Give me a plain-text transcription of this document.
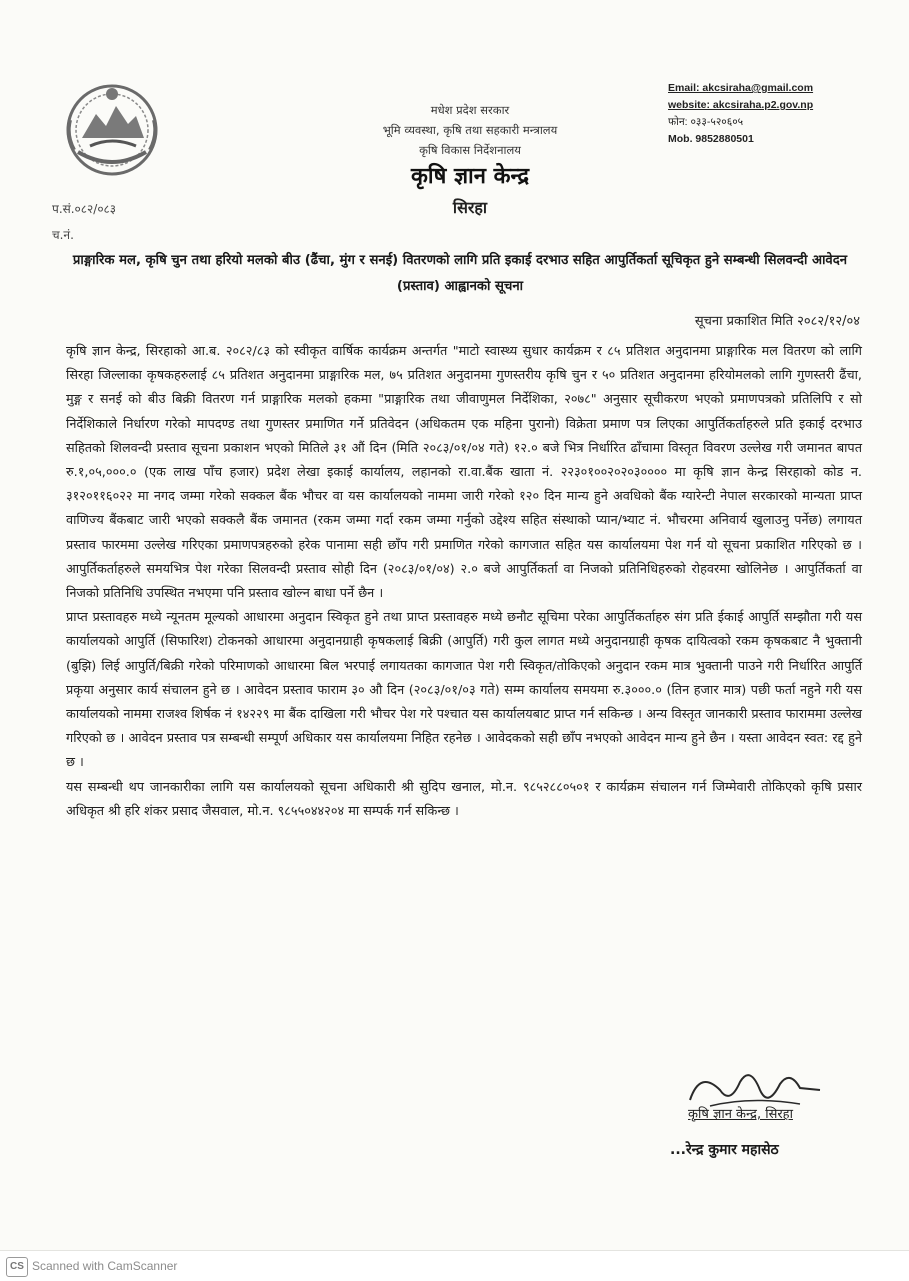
मधेश प्रदेश सरकार
भूमि व्यवस्था, कृषि तथा सहकारी मन्त्रालय
कृषि विकास निर्देशनालय
कृषि ज्ञान केन्द्र
सिरहा
Email: akcsiraha@gmail.com
website: akcsiraha.p2.gov.np
फोन: ०३३-५२०६०५
Mob. 9852880501
प.सं.०८२/०८३
च.नं.
प्राङ्गारिक मल, कृषि चुन तथा हरियो मलको बीउ (ढैंचा, मुंग र सनई) वितरणको लागि प्रति इकाई दरभाउ सहित आपुर्तिकर्ता सूचिकृत हुने सम्बन्धी सिलवन्दी आवेदन (प्रस्ताव) आह्वानको सूचना
सूचना प्रकाशित मिति २०८२/१२/०४

कृषि ज्ञान केन्द्र, सिरहाको आ.ब. २०८२/८३ को स्वीकृत वार्षिक कार्यक्रम अन्तर्गत "माटो स्वास्थ्य सुधार कार्यक्रम र ८५ प्रतिशत अनुदानमा प्राङ्गारिक मल वितरण को लागि सिरहा जिल्लाका कृषकहरुलाई ८५ प्रतिशत अनुदानमा प्राङ्गारिक मल, ७५ प्रतिशत अनुदानमा गुणस्तरीय कृषि चुन र ५० प्रतिशत अनुदानमा हरियोमलको लागि गुणस्तरी ढैंचा, मुङ्ग र सनई को बीउ बिक्री वितरण गर्न प्राङ्गारिक मलको हकमा "प्राङ्गारिक तथा जीवाणुमल निर्देशिका, २०७८" अनुसार सूचीकरण भएको प्रमाणपत्रको प्रतिलिपि र सो निर्देशिकाले निर्धारण गरेको मापदण्ड तथा गुणस्तर प्रमाणित गर्ने प्रतिवेदन (अधिकतम एक महिना पुरानो) विक्रेता प्रमाण पत्र लिएका आपुर्तिकर्ताहरुले प्रति इकाई दरभाउ सहितको शिलवन्दी प्रस्ताव सूचना प्रकाशन भएको मितिले ३१ औं दिन (मिति २०८३/०१/०४ गते) १२.० बजे भित्र निर्धारित ढाँचामा विस्तृत विवरण उल्लेख गरी जमानत बापत रु.१,०५,०००.० (एक लाख पाँच हजार) प्रदेश लेखा इकाई कार्यालय, लहानको रा.वा.बैंक खाता नं. २२३०१००२०२०३०००० मा कृषि ज्ञान केन्द्र सिरहाको कोड न. ३१२०११६०२२ मा नगद जम्मा गरेको सक्कल बैंक भौचर वा यस कार्यालयको नाममा जारी गरेको १२० दिन मान्य हुने अवधिको बैंक ग्यारेन्टी नेपाल सरकारको मान्यता प्राप्त वाणिज्य बैंकबाट जारी भएको सक्कलै बैंक जमानत (रकम जम्मा गर्दा रकम जम्मा गर्नुको उद्देश्य सहित संस्थाको प्यान/भ्याट नं. भौचरमा अनिवार्य खुलाउनु पर्नेछ) लगायत प्रस्ताव फारममा उल्लेख गरिएका प्रमाणपत्रहरुको हरेक पानामा सही छाँप गरी प्रमाणित गरेको कागजात सहित यस कार्यालयमा पेश गर्न यो सूचना प्रकाशित गरिएको छ । आपुर्तिकर्ताहरुले समयभित्र पेश गरेका सिलवन्दी प्रस्ताव सोही दिन (२०८३/०१/०४) २.० बजे आपुर्तिकर्ता वा निजको प्रतिनिधिहरुको रोहवरमा खोलिनेछ । आपुर्तिकर्ता वा निजको प्रतिनिधि उपस्थित नभएमा पनि प्रस्ताव खोल्न बाधा पर्ने छैन ।

प्राप्त प्रस्तावहरु मध्ये न्यूनतम मूल्यको आधारमा अनुदान स्विकृत हुने तथा प्राप्त प्रस्तावहरु मध्ये छनौट सूचिमा परेका आपुर्तिकर्ताहरु संग प्रति ईकाई आपुर्ति सम्झौता गरी यस कार्यालयको आपुर्ति (सिफारिश) टोकनको आधारमा अनुदानग्राही कृषकलाई बिक्री (आपुर्ति) गरी कुल लागत मध्ये अनुदानग्राही कृषक दायित्वको रकम कृषकबाट नै भुक्तानी (बुझि) लिई आपुर्ति/बिक्री गरेको परिमाणको आधारमा बिल भरपाई लगायतका कागजात पेश गरी स्विकृत/तोकिएको अनुदान रकम मात्र भुक्तानी पाउने गरी निर्धारित आपुर्ति प्रकृया अनुसार कार्य संचालन हुने छ । आवेदन प्रस्ताव फाराम ३० औ दिन (२०८३/०१/०३ गते) सम्म कार्यालय समयमा रु.३०००.० (तिन हजार मात्र) पछी फर्ता नहुने गरी यस कार्यालयको नाममा राजश्व शिर्षक नं १४२२९ मा बैंक दाखिला गरी भौचर पेश गरे पश्चात यस कार्यालयबाट प्राप्त गर्न सकिन्छ । अन्य विस्तृत जानकारी प्रस्ताव फाराममा उल्लेख गरिएको छ । आवेदन प्रस्ताव पत्र सम्बन्धी सम्पूर्ण अधिकार यस कार्यालयमा निहित रहनेछ । आवेदकको सही छाँप नभएको आवेदन मान्य हुने छैन । यस्ता आवेदन स्वत: रद्द हुने छ ।

यस सम्बन्धी थप जानकारीका लागि यस कार्यालयको सूचना अधिकारी श्री सुदिप खनाल, मो.न. ९८५२८८०५०१ र कार्यक्रम संचालन गर्न जिम्मेवारी तोकिएको कृषि प्रसार अधिकृत श्री हरि शंकर प्रसाद जैसवाल, मो.न. ९८५५०४४२०४ मा सम्पर्क गर्न सकिन्छ ।

कृषि ज्ञान केन्द्र, सिरहा
...रेन्द्र कुमार महासेठ
CS Scanned with CamScanner
